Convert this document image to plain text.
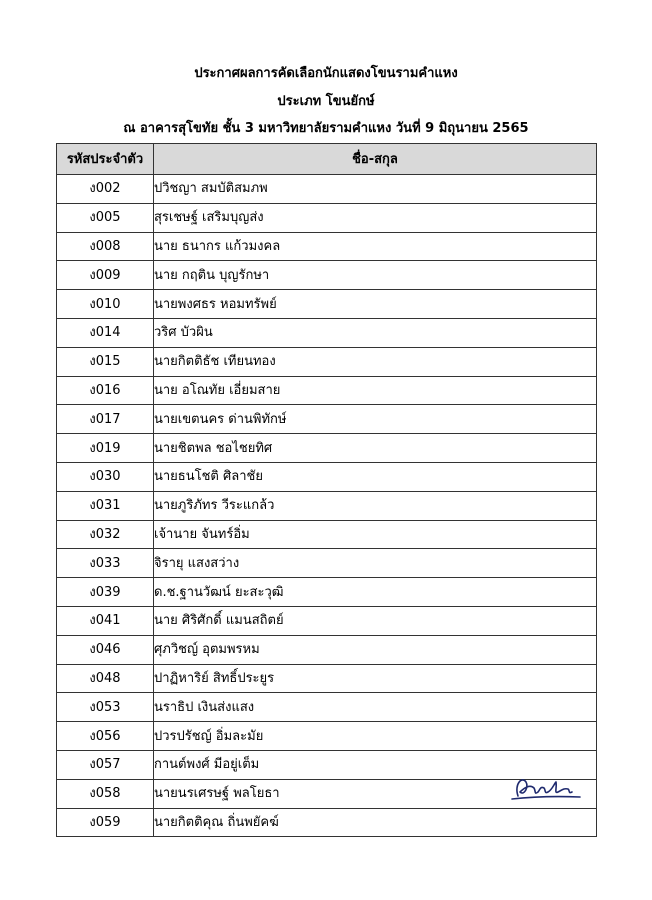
ประกาศผลการคัดเลือกนักแสดงโขนรามคำแหง
ประเภท โขนยักษ์
ณ อาคารสุโขทัย ชั้น 3 มหาวิทยาลัยรามคำแหง วันที่ 9 มิถุนายน 2565
รหัสประจำตัว	ชื่อ-สกุล
ง002	ปวิชญา สมบัติสมภพ
ง005	สุรเชษฐ์ เสริมบุญส่ง
ง008	นาย ธนากร แก้วมงคล
ง009	นาย กฤติน บุญรักษา
ง010	นายพงศธร หอมทรัพย์
ง014	วริศ บัวผิน
ง015	นายกิตติธัช เทียนทอง
ง016	นาย อโณทัย เอี่ยมสาย
ง017	นายเขตนคร ด่านพิทักษ์
ง019	นายชิตพล ชอไชยทิศ
ง030	นายธนโชติ ศิลาชัย
ง031	นายภูริภัทร วีระแกล้ว
ง032	เจ้านาย จันทร์อิ่ม
ง033	จิรายุ แสงสว่าง
ง039	ด.ช.ฐานวัฒน์ ยะสะวุฒิ
ง041	นาย ศิริศักดิ์ แมนสถิตย์
ง046	ศุภวิชญ์ อุตมพรหม
ง048	ปาฏิหาริย์ สิทธิ์ประยูร
ง053	นราธิป เงินส่งแสง
ง056	ปวรปรัชญ์ อิ่มละมัย
ง057	กานต์พงศ์ มีอยู่เต็ม
ง058	นายนรเศรษฐ์ พลโยธา
ง059	นายกิตติคุณ ถิ่นพยัคฆ์
